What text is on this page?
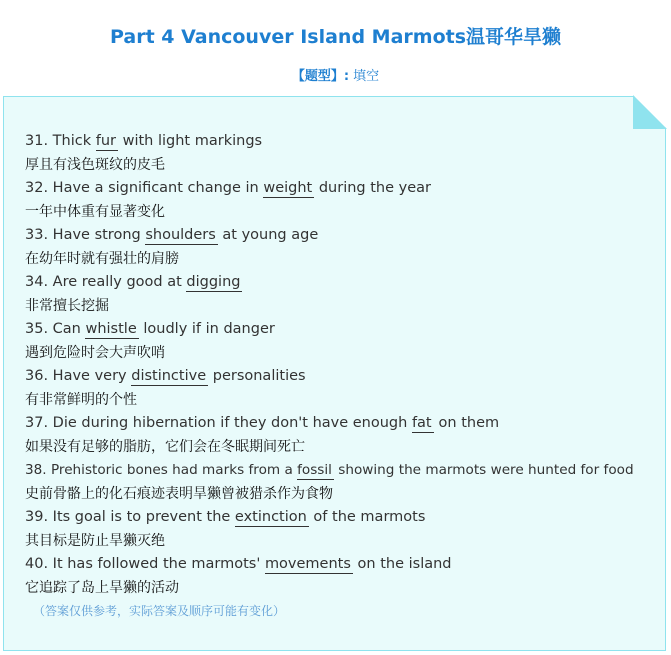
Part 4 Vancouver Island Marmots温哥华旱獭
【题型】: 填空
31. Thick fur with light markings
厚且有浅色斑纹的皮毛
32. Have a significant change in weight during the year
一年中体重有显著变化
33. Have strong shoulders at young age
在幼年时就有强壮的肩膀
34. Are really good at digging
非常擅长挖掘
35. Can whistle loudly if in danger
遇到危险时会大声吹哨
36. Have very distinctive personalities
有非常鲜明的个性
37. Die during hibernation if they don't have enough fat on them
如果没有足够的脂肪，它们会在冬眠期间死亡
38. Prehistoric bones had marks from a fossil showing the marmots were hunted for food
史前骨骼上的化石痕迹表明旱獭曾被猎杀作为食物
39. Its goal is to prevent the extinction of the marmots
其目标是防止旱獭灭绝
40. It has followed the marmots' movements on the island
它追踪了岛上旱獭的活动
（答案仅供参考，实际答案及顺序可能有变化）
